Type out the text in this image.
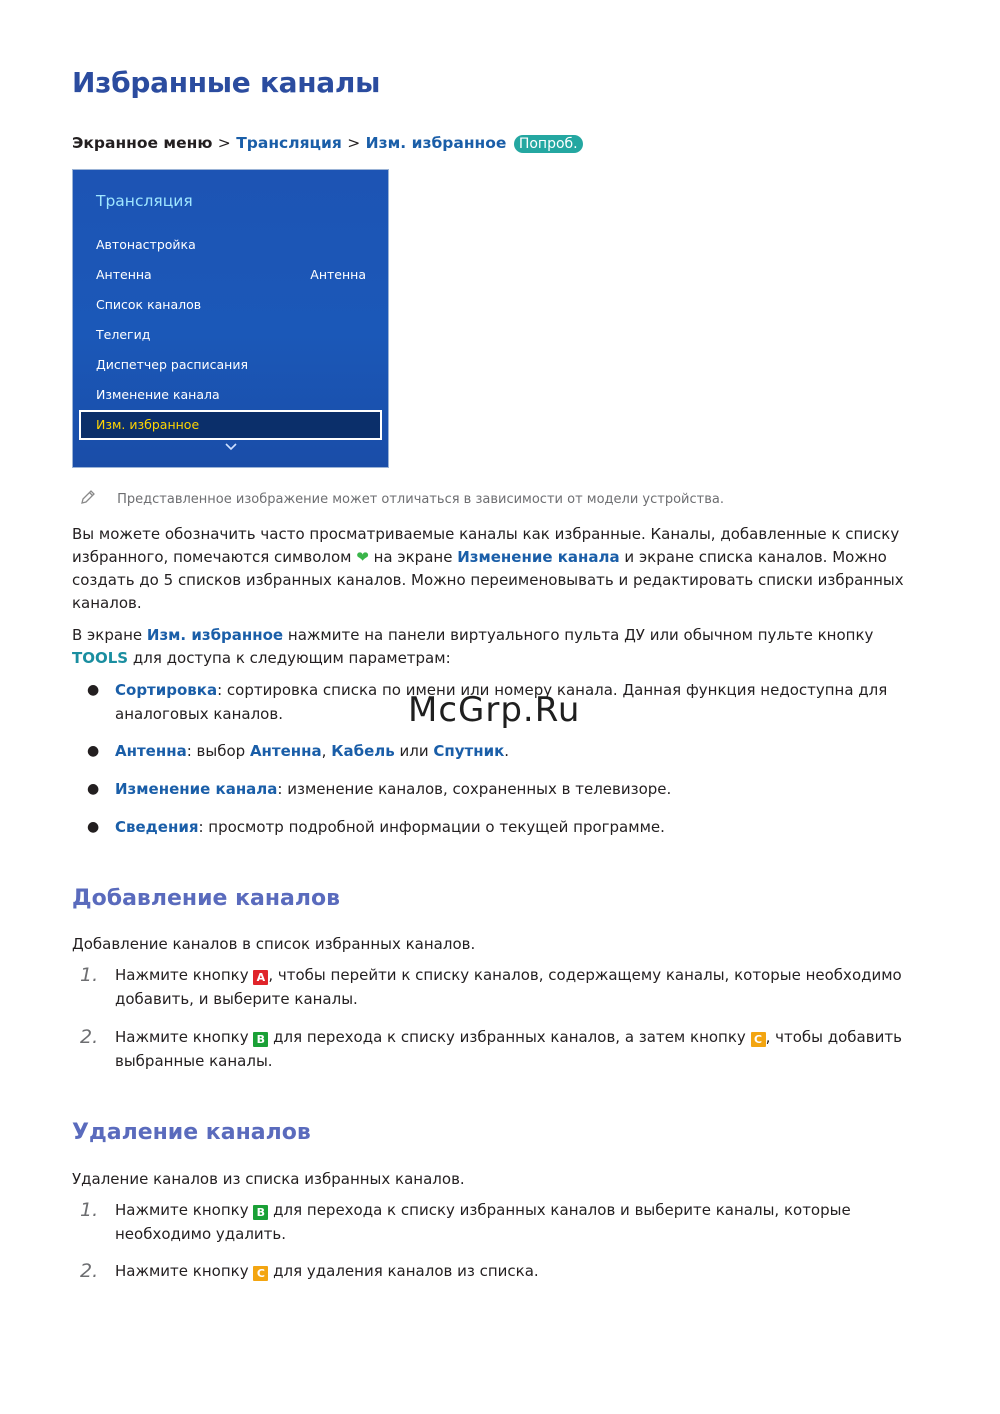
Избранные каналы
Экранное меню > Трансляция > Изм. избранное Попроб.
Трансляция
Автонастройка
Антенна	Антенна
Список каналов
Телегид
Диспетчер расписания
Изменение канала
Изм. избранное
Представленное изображение может отличаться в зависимости от модели устройства.
Вы можете обозначить часто просматриваемые каналы как избранные. Каналы, добавленные к списку избранного, помечаются символом ❤ на экране Изменение канала и экране списка каналов. Можно создать до 5 списков избранных каналов. Можно переименовывать и редактировать списки избранных каналов.
В экране Изм. избранное нажмите на панели виртуального пульта ДУ или обычном пульте кнопку TOOLS для доступа к следующим параметрам:
● Сортировка: сортировка списка по имени или номеру канала. Данная функция недоступна для аналоговых каналов.
● Антенна: выбор Антенна, Кабель или Спутник.
● Изменение канала: изменение каналов, сохраненных в телевизоре.
● Сведения: просмотр подробной информации о текущей программе.
Добавление каналов
Добавление каналов в список избранных каналов.
1. Нажмите кнопку A , чтобы перейти к списку каналов, содержащему каналы, которые необходимо добавить, и выберите каналы.
2. Нажмите кнопку B для перехода к списку избранных каналов, а затем кнопку C , чтобы добавить выбранные каналы.
Удаление каналов
Удаление каналов из списка избранных каналов.
1. Нажмите кнопку B для перехода к списку избранных каналов и выберите каналы, которые необходимо удалить.
2. Нажмите кнопку C для удаления каналов из списка.
McGrp.Ru
